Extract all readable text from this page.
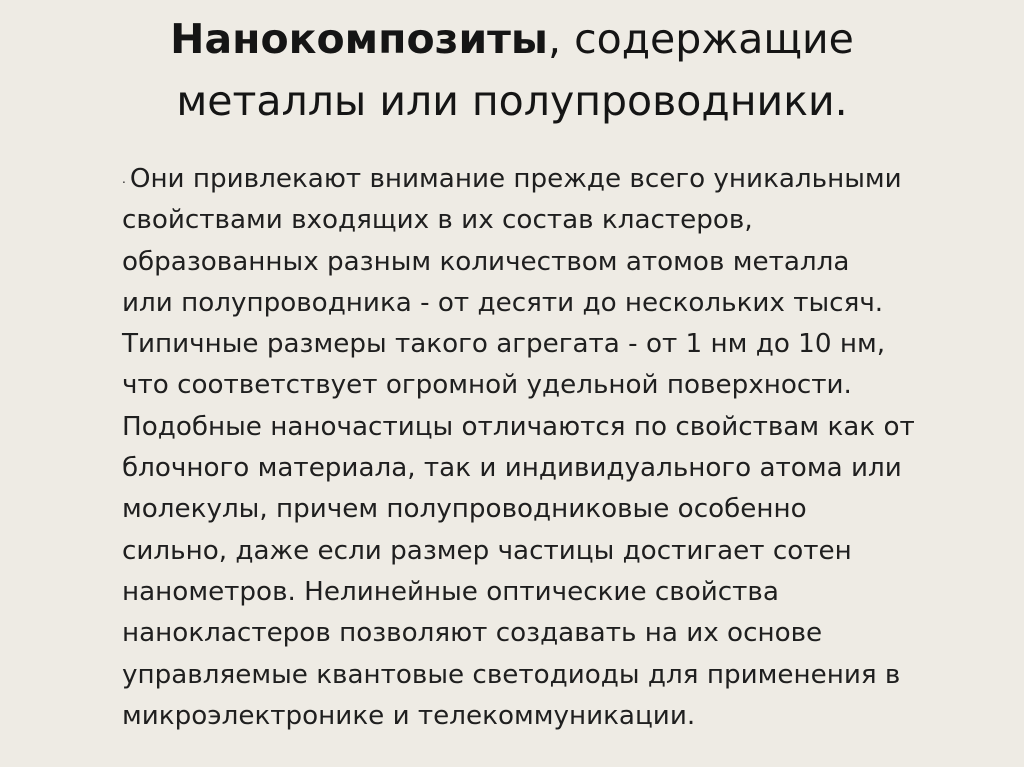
Нанокомпозиты, содержащие
металлы или полупроводники.
. Они привлекают внимание прежде всего уникальными
свойствами входящих в их состав кластеров,
образованных разным количеством атомов металла
или полупроводника - от десяти до нескольких тысяч.
Типичные размеры такого агрегата - от 1 нм до 10 нм,
что соответствует огромной удельной поверхности.
Подобные наночастицы отличаются по свойствам как от
блочного материала, так и индивидуального атома или
молекулы, причем полупроводниковые особенно
сильно, даже если размер частицы достигает сотен
нанометров. Нелинейные оптические свойства
нанокластеров позволяют создавать на их основе
управляемые квантовые светодиоды для применения в
микроэлектронике и телекоммуникации.
